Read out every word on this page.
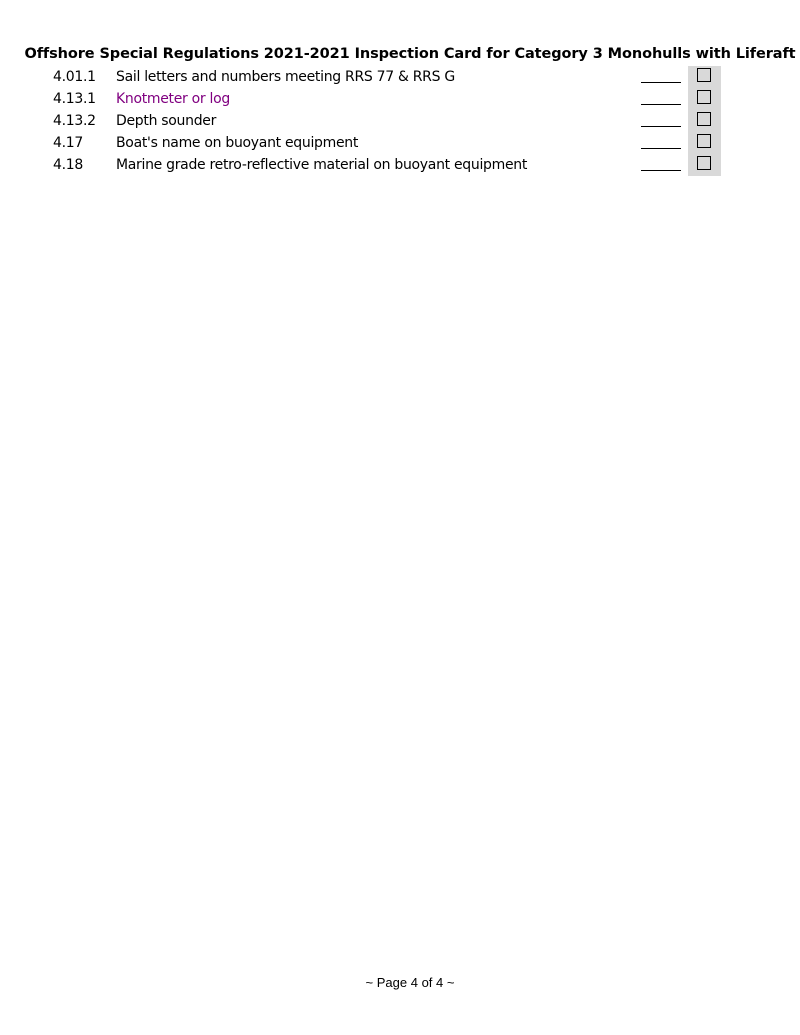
Offshore Special Regulations 2021-2021 Inspection Card for Category 3 Monohulls with Liferaft
4.01.1 Sail letters and numbers meeting RRS 77 & RRS G
4.13.1 Knotmeter or log
4.13.2 Depth sounder
4.17 Boat's name on buoyant equipment
4.18 Marine grade retro-reflective material on buoyant equipment
~ Page 4 of 4 ~
